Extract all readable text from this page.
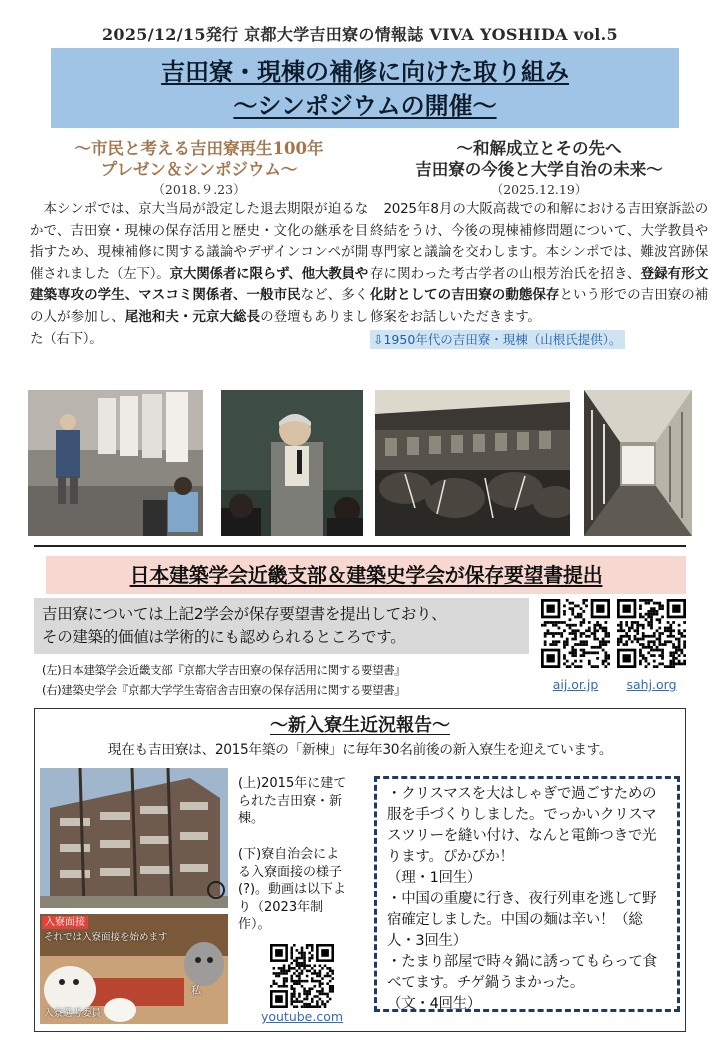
2025/12/15発行 京都大学吉田寮の情報誌 VIVA YOSHIDA vol.5
吉田寮・現棟の補修に向けた取り組み
～シンポジウムの開催～
～市民と考える吉田寮再生100年
プレゼン＆シンポジウム～
（2018.９.23）
本シンポでは、京大当局が設定した退去期限が迫るなかで、吉田寮・現棟の保存活用と歴史・文化の継承を目指すため、現棟補修に関する議論やデザインコンペが開催されました（左下）。京大関係者に限らず、他大教員や建築専攻の学生、マスコミ関係者、一般市民など、多くの人が参加し、尾池和夫・元京大総長の登壇もありました（右下）。
～和解成立とその先へ
吉田寮の今後と大学自治の未来～
（2025.12.19）
2025年8月の大阪高裁での和解における吉田寮訴訟の終結をうけ、今後の現棟補修問題について、大学教員や専門家と議論を交わします。本シンポでは、難波宮跡保存に関わった考古学者の山根芳治氏を招き、登録有形文化財としての吉田寮の動態保存という形での吉田寮の補修案をお話しいただきます。
⇩1950年代の吉田寮・現棟（山根氏提供）。
日本建築学会近畿支部＆建築史学会が保存要望書提出
吉田寮については上記2学会が保存要望書を提出しており、
その建築的価値は学術的にも認められるところです。
(左)日本建築学会近畿支部『京都大学吉田寮の保存活用に関する要望書』
(右)建築史学会『京都大学学生寄宿舎吉田寮の保存活用に関する要望書』	aij.or.jp	sahj.org
～新入寮生近況報告～
現在も吉田寮は、2015年築の「新棟」に毎年30名前後の新入寮生を迎えています。
入寮面接
それでは入寮面接を始めます
私
入寮選考委員
(上)2015年に建てられた吉田寮・新棟。
(下)寮自治会による入寮面接の様子(?)。動画は以下より（2023年制作）。
youtube.com

・クリスマスを大はしゃぎで過ごすための服を手づくりしました。でっかいクリスマスツリーを縫い付け、なんと電飾つきで光ります。ぴかぴか！

（理・1回生）

・中国の重慶に行き、夜行列車を逃して野宿確定しました。中国の麺は辛い！（総人・3回生）

・たまり部屋で時々鍋に誘ってもらって食べてます。チゲ鍋うまかった。

（文・4回生）
